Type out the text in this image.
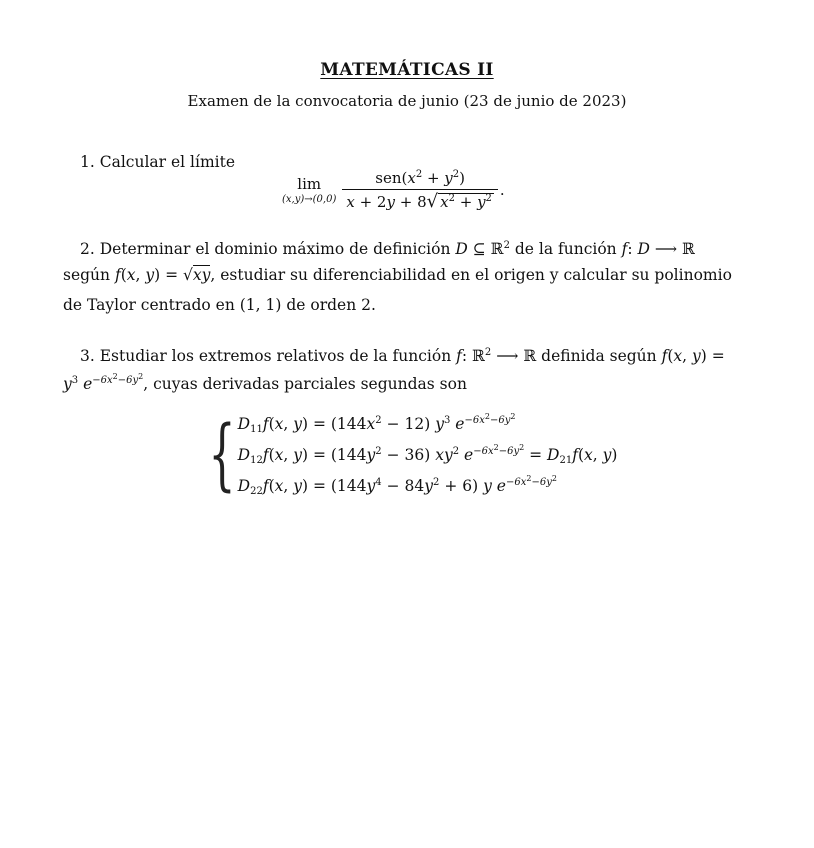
MATEMÁTICAS II
Examen de la convocatoria de junio (23 de junio de 2023)
1. Calcular el límite
lim
$(x,y)\to(0,0) \frac{sen(x^2 + y^2)}{x + 2 y + 8 √ x^2 + y^2}$ .
2. Determinar el dominio máximo de definición D ⊆ ℝ$^2$ de la función f: D ⟶ ℝ
según f(x, y) = √xy, estudiar su diferenciabilidad en el origen y calcular su polinomio
de Taylor centrado en (1, 1) de orden 2.
3. Estudiar los extremos relativos de la función f: ℝ$^2$ ⟶ ℝ definida según f(x, y) =
$y^3$ $e^{-6x^2-6y^2}$, cuyas derivadas parciales segundas son
{ $D_{11}f(x$, $y) = (144x^2 - 12)$ $y^3$ $e^{-6x^2-6y^2}$
$D_{12}f(x$, $y) = (144y^2 - 36)$ $xy^2$ $e^{-6x^2-6y^2} = D_{21}f(x$, y)
$D_{22}f(x$, $y) = (144y^4 - 84y^2 + 6)$ y $e^{-6x^2-6y^2}$
